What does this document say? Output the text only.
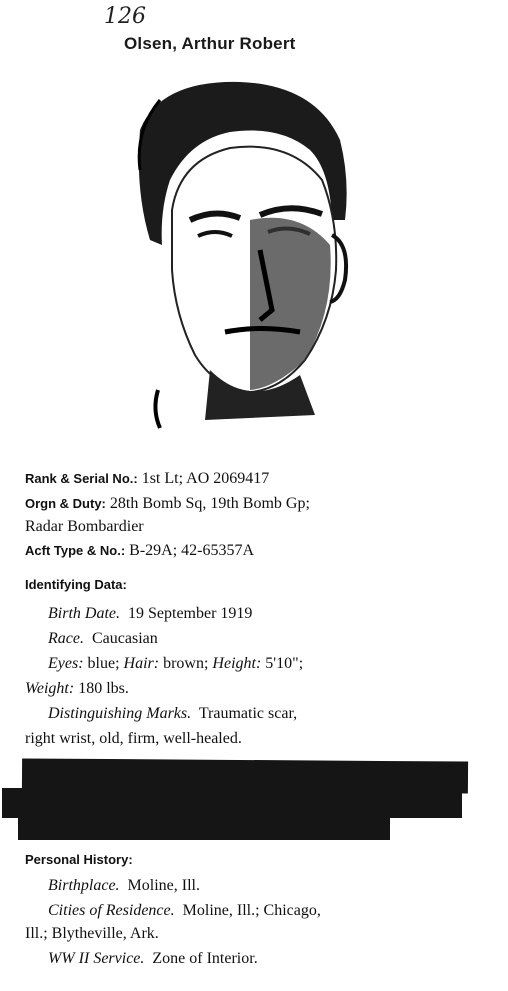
126
Olsen, Arthur Robert
Rank & Serial No.: 1st Lt; AO 2069417
Orgn & Duty: 28th Bomb Sq, 19th Bomb Gp;
Radar Bombardier
Acft Type & No.: B-29A; 42-65357A
Identifying Data:
Birth Date. 19 September 1919
Race. Caucasian
Eyes: blue; Hair: brown; Height: 5'10";
Weight: 180 lbs.
Distinguishing Marks. Traumatic scar,
right wrist, old, firm, well-healed.
Personal History:
Birthplace. Moline, Ill.
Cities of Residence. Moline, Ill.; Chicago,
Ill.; Blytheville, Ark.
WW II Service. Zone of Interior.
